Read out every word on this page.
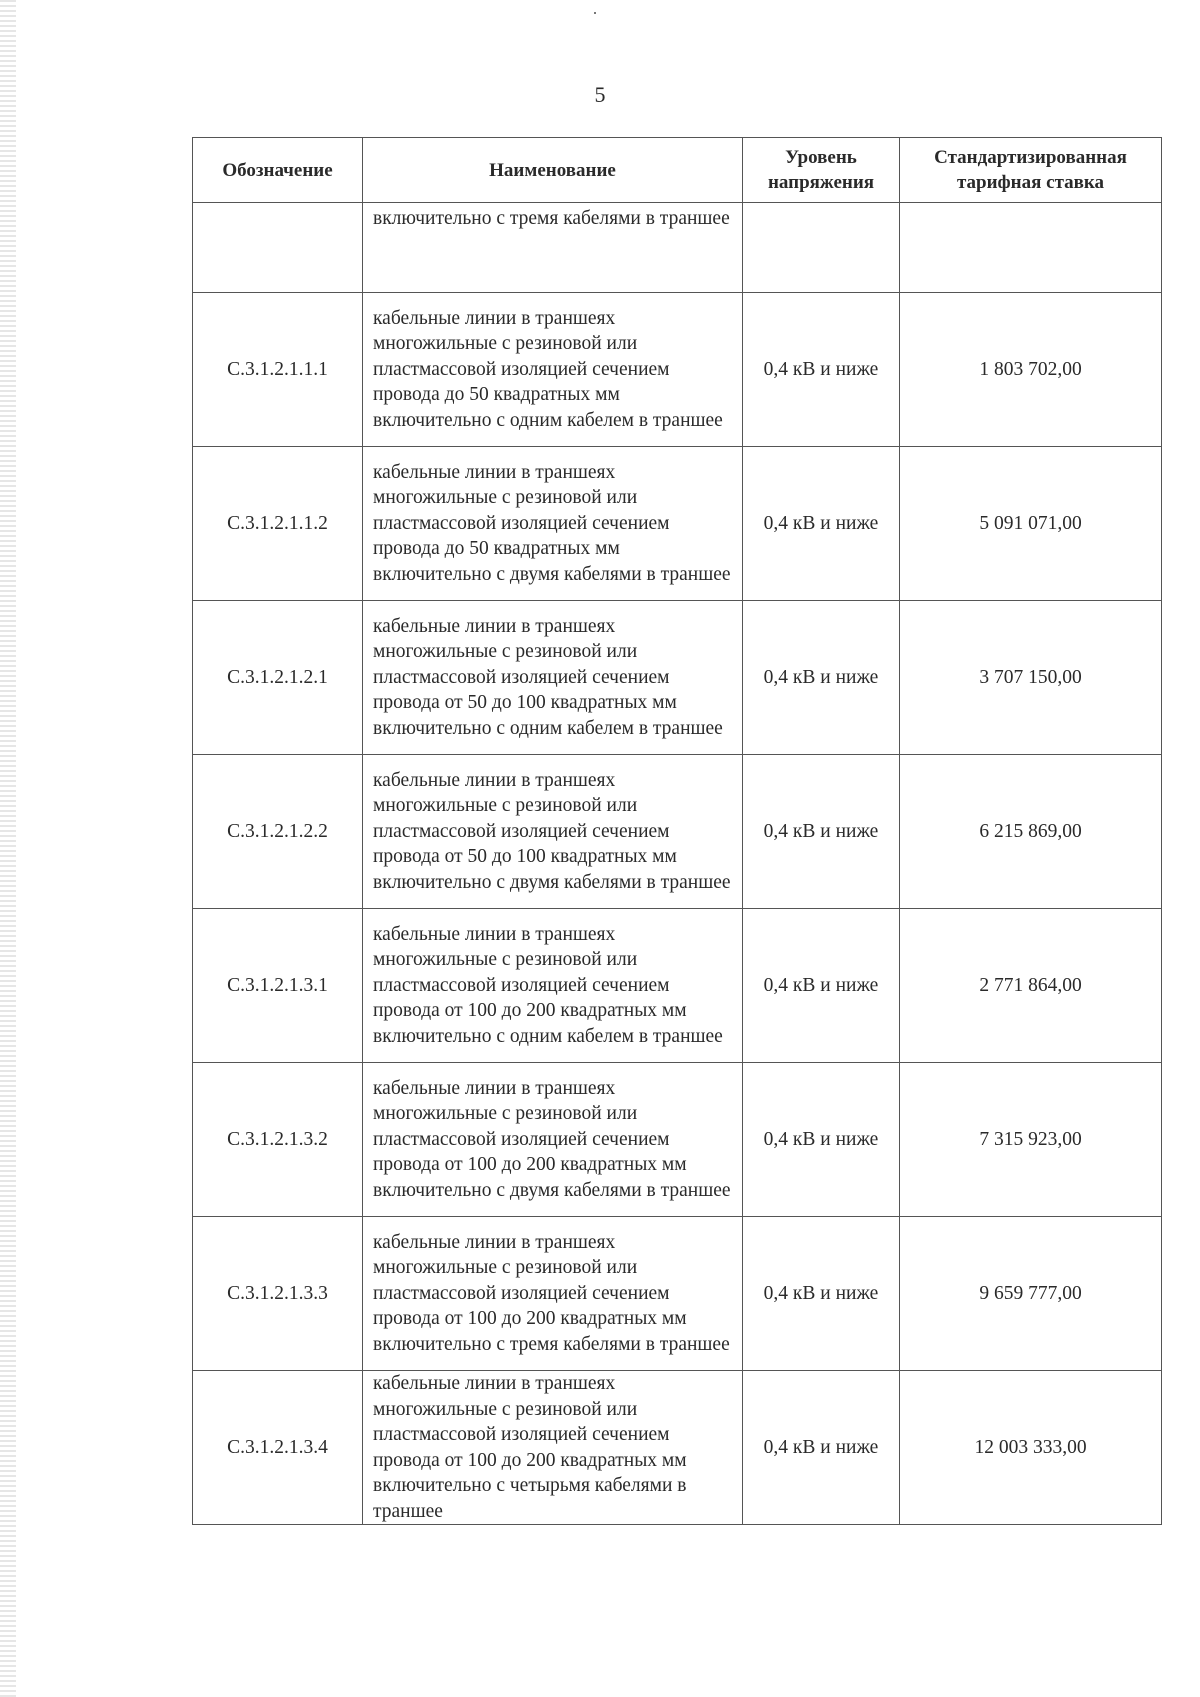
5
Обозначение	Наименование	Уровень напряжения	Стандартизированная тарифная ставка
	включительно с тремя кабелями в траншее		
С.3.1.2.1.1.1	кабельные линии в траншеях многожильные с резиновой или пластмассовой изоляцией сечением провода до 50 квадратных мм включительно с одним кабелем в траншее	0,4 кВ и ниже	1 803 702,00
С.3.1.2.1.1.2	кабельные линии в траншеях многожильные с резиновой или пластмассовой изоляцией сечением провода до 50 квадратных мм включительно с двумя кабелями в траншее	0,4 кВ и ниже	5 091 071,00
С.3.1.2.1.2.1	кабельные линии в траншеях многожильные с резиновой или пластмассовой изоляцией сечением провода от 50 до 100 квадратных мм включительно с одним кабелем в траншее	0,4 кВ и ниже	3 707 150,00
С.3.1.2.1.2.2	кабельные линии в траншеях многожильные с резиновой или пластмассовой изоляцией сечением провода от 50 до 100 квадратных мм включительно с двумя кабелями в траншее	0,4 кВ и ниже	6 215 869,00
С.3.1.2.1.3.1	кабельные линии в траншеях многожильные с резиновой или пластмассовой изоляцией сечением провода от 100 до 200 квадратных мм включительно с одним кабелем в траншее	0,4 кВ и ниже	2 771 864,00
С.3.1.2.1.3.2	кабельные линии в траншеях многожильные с резиновой или пластмассовой изоляцией сечением провода от 100 до 200 квадратных мм включительно с двумя кабелями в траншее	0,4 кВ и ниже	7 315 923,00
С.3.1.2.1.3.3	кабельные линии в траншеях многожильные с резиновой или пластмассовой изоляцией сечением провода от 100 до 200 квадратных мм включительно с тремя кабелями в траншее	0,4 кВ и ниже	9 659 777,00
С.3.1.2.1.3.4	кабельные линии в траншеях многожильные с резиновой или пластмассовой изоляцией сечением провода от 100 до 200 квадратных мм включительно с четырьмя кабелями в траншее	0,4 кВ и ниже	12 003 333,00
